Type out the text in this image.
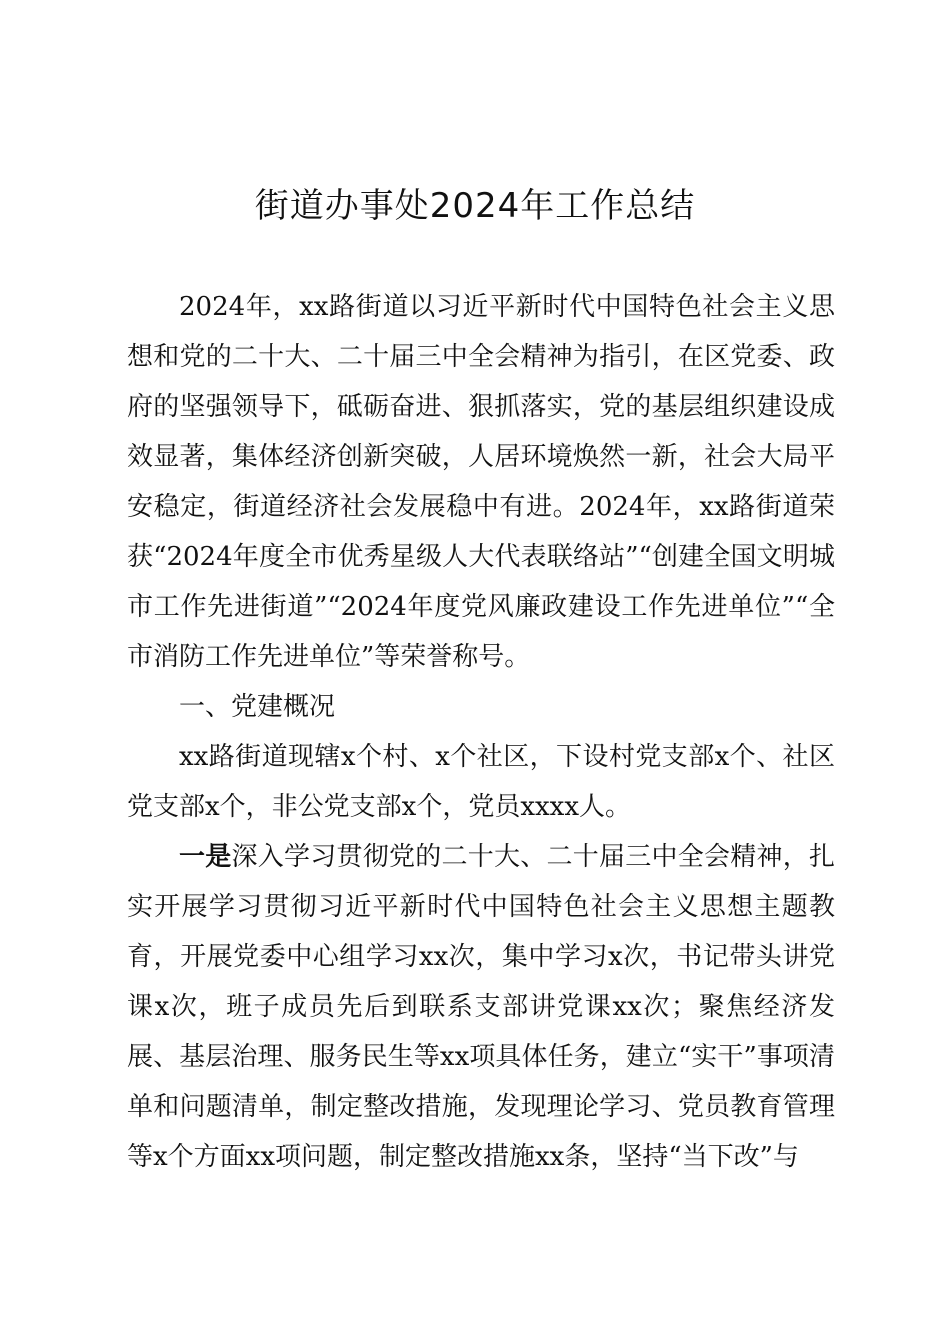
街道办事处2024年工作总结

2024年，xx路街道以习近平新时代中国特色社会主义思想和党的二十大、二十届三中全会精神为指引，在区党委、政府的坚强领导下，砥砺奋进、狠抓落实，党的基层组织建设成效显著，集体经济创新突破，人居环境焕然一新，社会大局平安稳定，街道经济社会发展稳中有进。2024年，xx路街道荣获“2024年度全市优秀星级人大代表联络站”“创建全国文明城市工作先进街道”“2024年度党风廉政建设工作先进单位”“全市消防工作先进单位”等荣誉称号。

一、党建概况

xx路街道现辖x个村、x个社区，下设村党支部x个、社区党支部x个，非公党支部x个，党员xxxx人。

一是深入学习贯彻党的二十大、二十届三中全会精神，扎实开展学习贯彻习近平新时代中国特色社会主义思想主题教育，开展党委中心组学习xx次，集中学习x次，书记带头讲党课x次，班子成员先后到联系支部讲党课xx次；聚焦经济发展、基层治理、服务民生等xx项具体任务，建立“实干”事项清单和问题清单，制定整改措施，发现理论学习、党员教育管理等x个方面xx项问题，制定整改措施xx条，坚持“当下改”与
